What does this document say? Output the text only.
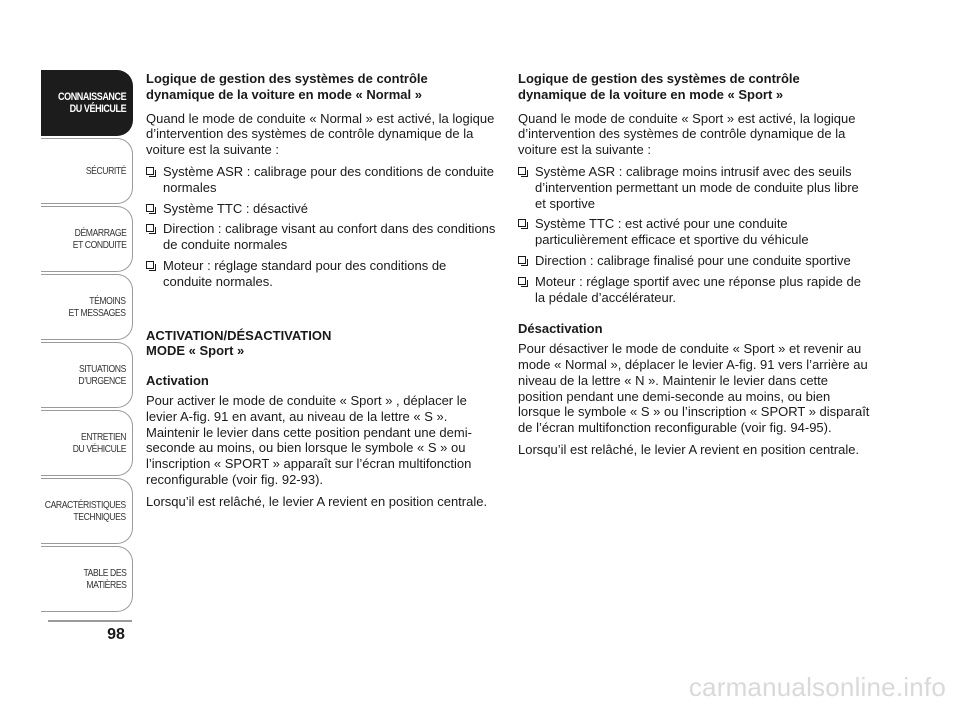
CONNAISSANCE
DU VÉHICULE
SÉCURITÉ
DÉMARRAGE
ET CONDUITE
TÉMOINS
ET MESSAGES
SITUATIONS
D’URGENCE
ENTRETIEN
DU VÉHICULE
CARACTÉRISTIQUES
TECHNIQUES
TABLE DES
MATIÈRES
98
Logique de gestion des systèmes de contrôle dynamique de la voiture en mode « Normal »

Quand le mode de conduite « Normal » est activé, la logique d’intervention des systèmes de contrôle dynamique de la voiture est la suivante :

Système ASR : calibrage pour des conditions de conduite normales
Système TTC : désactivé
Direction : calibrage visant au confort dans des conditions de conduite normales
Moteur : réglage standard pour des conditions de conduite normales.
ACTIVATION/DÉSACTIVATION
MODE « Sport »
Activation

Pour activer le mode de conduite « Sport » , déplacer le levier A-fig. 91 en avant, au niveau de la lettre « S ». Maintenir le levier dans cette position pendant une demi-seconde au moins, ou bien lorsque le symbole « S » ou l’inscription « SPORT » apparaît sur l’écran multifonction reconfigurable (voir fig. 92-93).

Lorsqu’il est relâché, le levier A revient en position centrale.

Logique de gestion des systèmes de contrôle dynamique de la voiture en mode « Sport »

Quand le mode de conduite « Sport » est activé, la logique d’intervention des systèmes de contrôle dynamique de la voiture est la suivante :

Système ASR : calibrage moins intrusif avec des seuils d’intervention permettant un mode de conduite plus libre et sportive
Système TTC : est activé pour une conduite particulièrement efficace et sportive du véhicule
Direction : calibrage finalisé pour une conduite sportive
Moteur : réglage sportif avec une réponse plus rapide de la pédale d’accélérateur.
Désactivation

Pour désactiver le mode de conduite « Sport » et revenir au mode « Normal », déplacer le levier A-fig. 91 vers l’arrière au niveau de la lettre « N ». Maintenir le levier dans cette position pendant une demi-seconde au moins, ou bien lorsque le symbole « S » ou l’inscription « SPORT » disparaît de l’écran multifonction reconfigurable (voir fig. 94-95).

Lorsqu’il est relâché, le levier A revient en position centrale.

carmanualsonline.info
